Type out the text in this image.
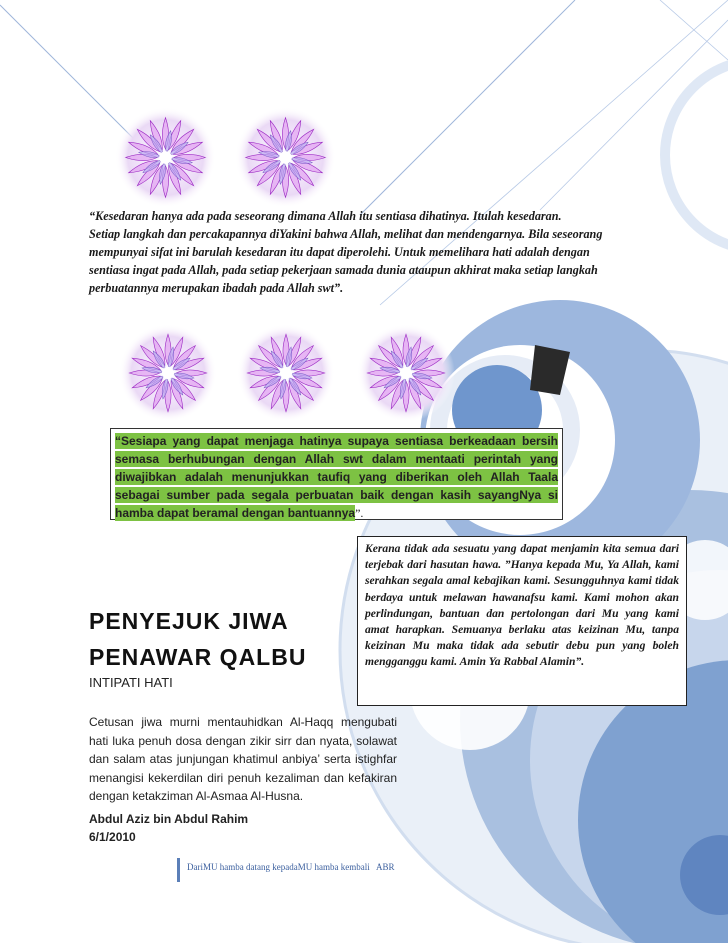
“Kesedaran hanya ada pada seseorang dimana Allah itu sentiasa dihatinya. Itulah kesedaran.

Setiap langkah dan percakapannya diYakini bahwa Allah, melihat dan mendengarnya. Bila seseorang mempunyai sifat ini barulah kesedaran itu dapat diperolehi. Untuk memelihara hati adalah dengan sentiasa ingat pada Allah, pada setiap pekerjaan samada dunia ataupun akhirat maka setiap langkah perbuatannya merupakan ibadah pada Allah swt”.

“Sesiapa yang dapat menjaga hatinya supaya sentiasa berkeadaan bersih semasa berhubungan dengan Allah swt dalam mentaati perintah yang diwajibkan adalah menunjukkan taufiq yang diberikan oleh Allah Taala sebagai sumber pada segala perbuatan baik dengan kasih sayangNya si hamba dapat beramal dengan bantuannya”.
Kerana tidak ada sesuatu yang dapat menjamin kita semua dari terjebak dari hasutan hawa. ”Hanya kepada Mu, Ya Allah, kami serahkan segala amal kebajikan kami. Sesungguhnya kami tidak berdaya untuk melawan hawanafsu kami. Kami mohon akan perlindungan, bantuan dan pertolongan dari Mu yang kami amat harapkan. Semuanya berlaku atas keizinan Mu, tanpa keizinan Mu maka tidak ada sebutir debu pun yang boleh mengganggu kami. Amin Ya Rabbal Alamin”.
PENYEJUK JIWA
PENAWAR QALBU
INTIPATI HATI
Cetusan jiwa murni mentauhidkan Al-Haqq mengubati hati luka penuh dosa dengan zikir sirr dan nyata, solawat dan salam atas junjungan khatimul anbiya’ serta istighfar menangisi kekerdilan diri penuh kezaliman dan kefakiran dengan ketakziman Al-Asmaa Al-Husna.
Abdul Aziz bin Abdul Rahim
6/1/2010
DariMU hamba datang kepadaMU hamba kembali   ABR
